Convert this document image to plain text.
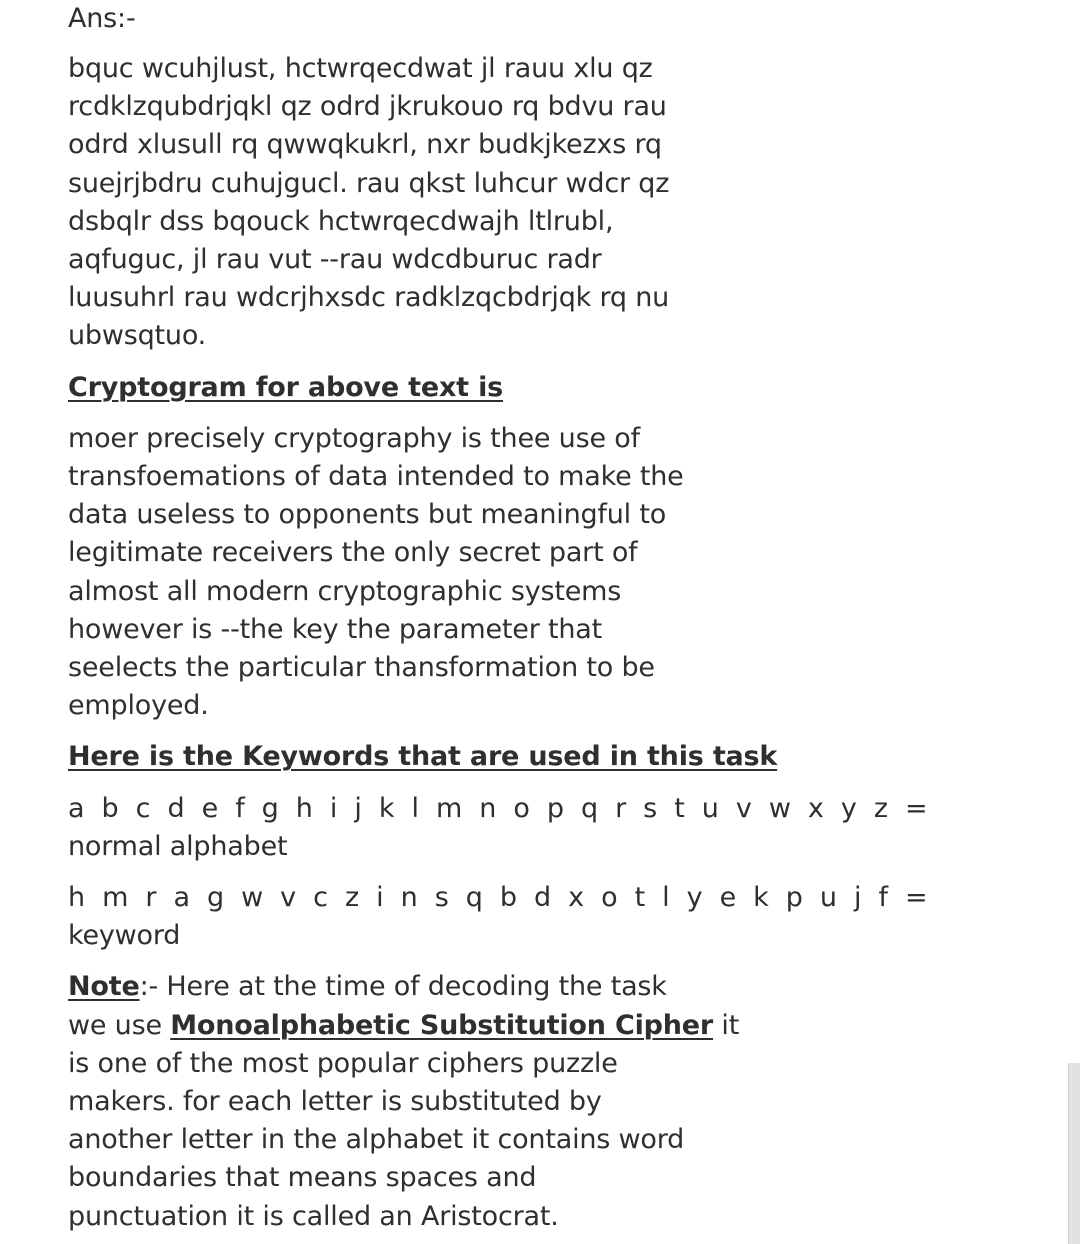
Ans:-
bquc wcuhjlust, hctwrqecdwat jl rauu xlu qz
rcdklzqubdrjqkl qz odrd jkrukouo rq bdvu rau
odrd xlusull rq qwwqkukrl, nxr budkjkezxs rq
suejrjbdru cuhujgucl. rau qkst luhcur wdcr qz
dsbqlr dss bqouck hctwrqecdwajh ltlrubl,
aqfuguc, jl rau vut --rau wdcdburuc radr
luusuhrl rau wdcrjhxsdc radklzqcbdrjqk rq nu
ubwsqtuo.
Cryptogram for above text is
moer precisely cryptography is thee use of
transfoemations of data intended to make the
data useless to opponents but meaningful to
legitimate receivers the only secret part of
almost all modern cryptographic systems
however is --the key the parameter that
seelects the particular thansformation to be
employed.
Here is the Keywords that are used in this task
a b c d e f g h i j k l m n o p q r s t u v w x y z =
normal alphabet
h m r a g w v c z i n s q b d x o t l y e k p u j f =
keyword
Note:- Here at the time of decoding the task
we use Monoalphabetic Substitution Cipher it
is one of the most popular ciphers puzzle
makers. for each letter is substituted by
another letter in the alphabet it contains word
boundaries that means spaces and
punctuation it is called an Aristocrat.
